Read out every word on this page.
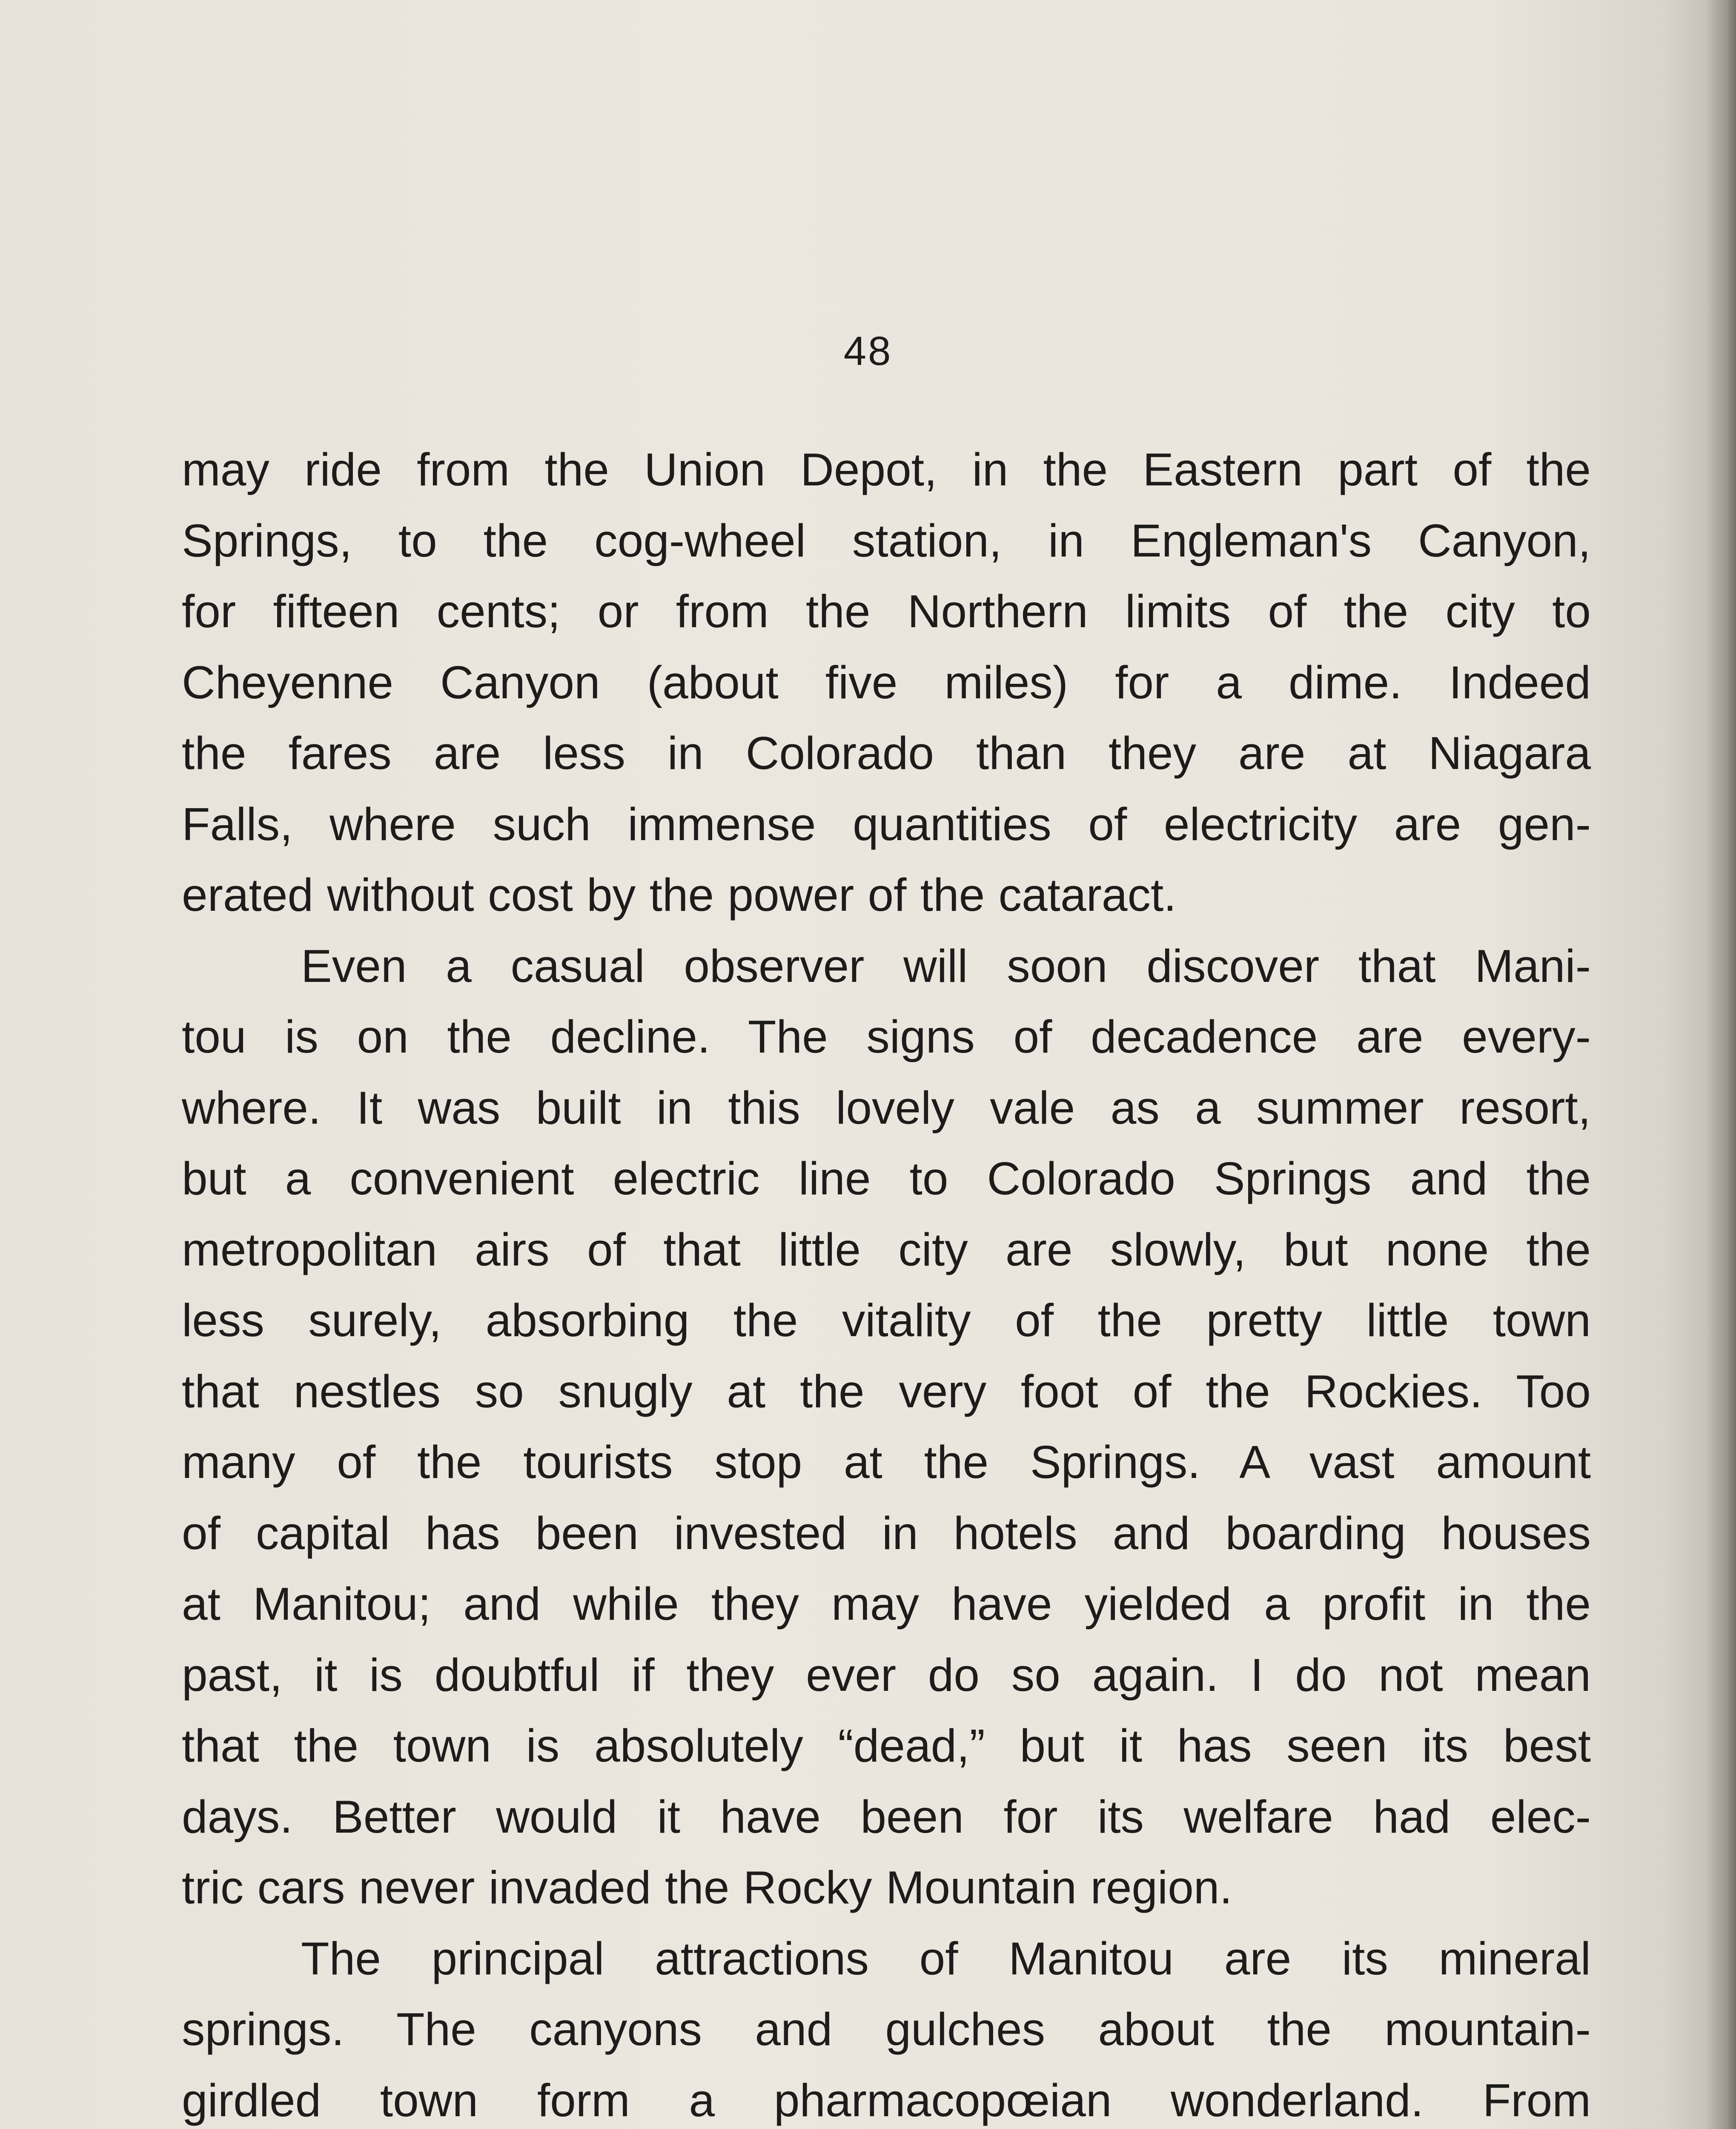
48
may ride from the Union Depot, in the Eastern part of the
Springs, to the cog-wheel station, in Engleman's Canyon,
for fifteen cents; or from the Northern limits of the city to
Cheyenne Canyon (about five miles) for a dime. Indeed
the fares are less in Colorado than they are at Niagara
Falls, where such immense quantities of electricity are gen-
erated without cost by the power of the cataract.
Even a casual observer will soon discover that Mani-
tou is on the decline. The signs of decadence are every-
where. It was built in this lovely vale as a summer resort,
but a convenient electric line to Colorado Springs and the
metropolitan airs of that little city are slowly, but none the
less surely, absorbing the vitality of the pretty little town
that nestles so snugly at the very foot of the Rockies. Too
many of the tourists stop at the Springs. A vast amount
of capital has been invested in hotels and boarding houses
at Manitou; and while they may have yielded a profit in the
past, it is doubtful if they ever do so again. I do not mean
that the town is absolutely “dead,” but it has seen its best
days. Better would it have been for its welfare had elec-
tric cars never invaded the Rocky Mountain region.
The principal attractions of Manitou are its mineral
springs. The canyons and gulches about the mountain-
girdled town form a pharmacopœian wonderland. From
